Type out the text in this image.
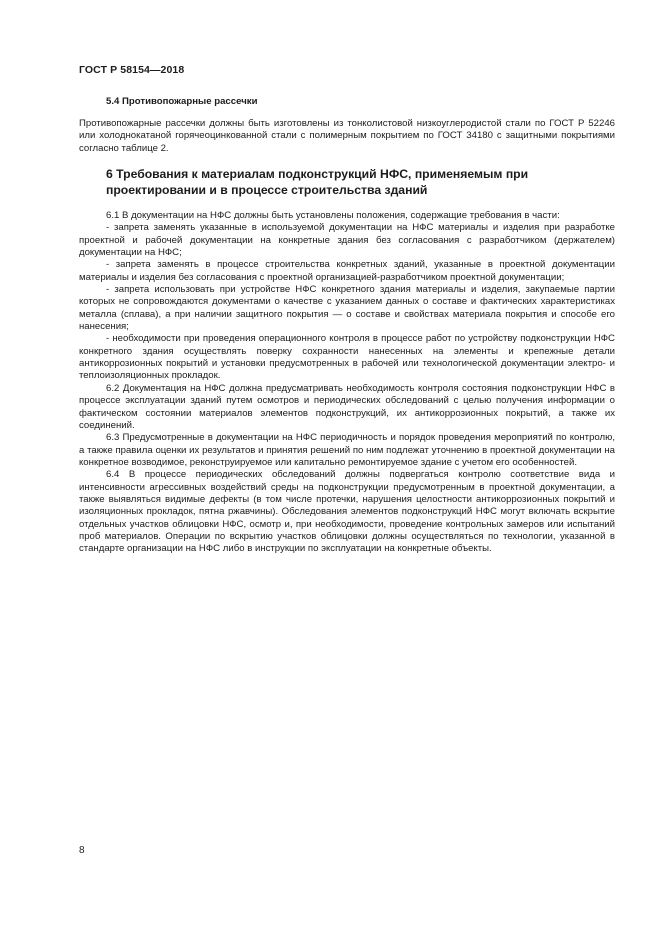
ГОСТ Р 58154—2018
5.4 Противопожарные рассечки
Противопожарные рассечки должны быть изготовлены из тонколистовой низкоуглеродистой стали по ГОСТ Р 52246 или холоднокатаной горячеоцинкованной стали с полимерным покрытием по ГОСТ 34180 с защитными покрытиями согласно таблице 2.
6 Требования к материалам подконструкций НФС, применяемым при проектировании и в процессе строительства зданий

6.1 В документации на НФС должны быть установлены положения, содержащие требования в части:

- запрета заменять указанные в используемой документации на НФС материалы и изделия при разработке проектной и рабочей документации на конкретные здания без согласования с разработчиком (держателем) документации на НФС;

- запрета заменять в процессе строительства конкретных зданий, указанные в проектной документации материалы и изделия без согласования с проектной организацией-разработчиком проектной документации;

- запрета использовать при устройстве НФС конкретного здания материалы и изделия, закупаемые партии которых не сопровождаются документами о качестве с указанием данных о составе и фактических характеристиках металла (сплава), а при наличии защитного покрытия — о составе и свойствах материала покрытия и способе его нанесения;

- необходимости при проведения операционного контроля в процессе работ по устройству подконструкции НФС конкретного здания осуществлять поверку сохранности нанесенных на элементы и крепежные детали антикоррозионных покрытий и установки предусмотренных в рабочей или технологической документации электро- и теплоизоляционных прокладок.

6.2 Документация на НФС должна предусматривать необходимость контроля состояния подконструкции НФС в процессе эксплуатации зданий путем осмотров и периодических обследований с целью получения информации о фактическом состоянии материалов элементов подконструкций, их антикоррозионных покрытий, а также их соединений.

6.3 Предусмотренные в документации на НФС периодичность и порядок проведения мероприятий по контролю, а также правила оценки их результатов и принятия решений по ним подлежат уточнению в проектной документации на конкретное возводимое, реконструируемое или капитально ремонтируемое здание с учетом его особенностей.

6.4 В процессе периодических обследований должны подвергаться контролю соответствие вида и интенсивности агрессивных воздействий среды на подконструкции предусмотренным в проектной документации, а также выявляться видимые дефекты (в том числе протечки, нарушения целостности антикоррозионных покрытий и изоляционных прокладок, пятна ржавчины). Обследования элементов подконструкций НФС могут включать вскрытие отдельных участков облицовки НФС, осмотр и, при необходимости, проведение контрольных замеров или испытаний проб материалов. Операции по вскрытию участков облицовки должны осуществляться по технологии, указанной в стандарте организации на НФС либо в инструкции по эксплуатации на конкретные объекты.

8
